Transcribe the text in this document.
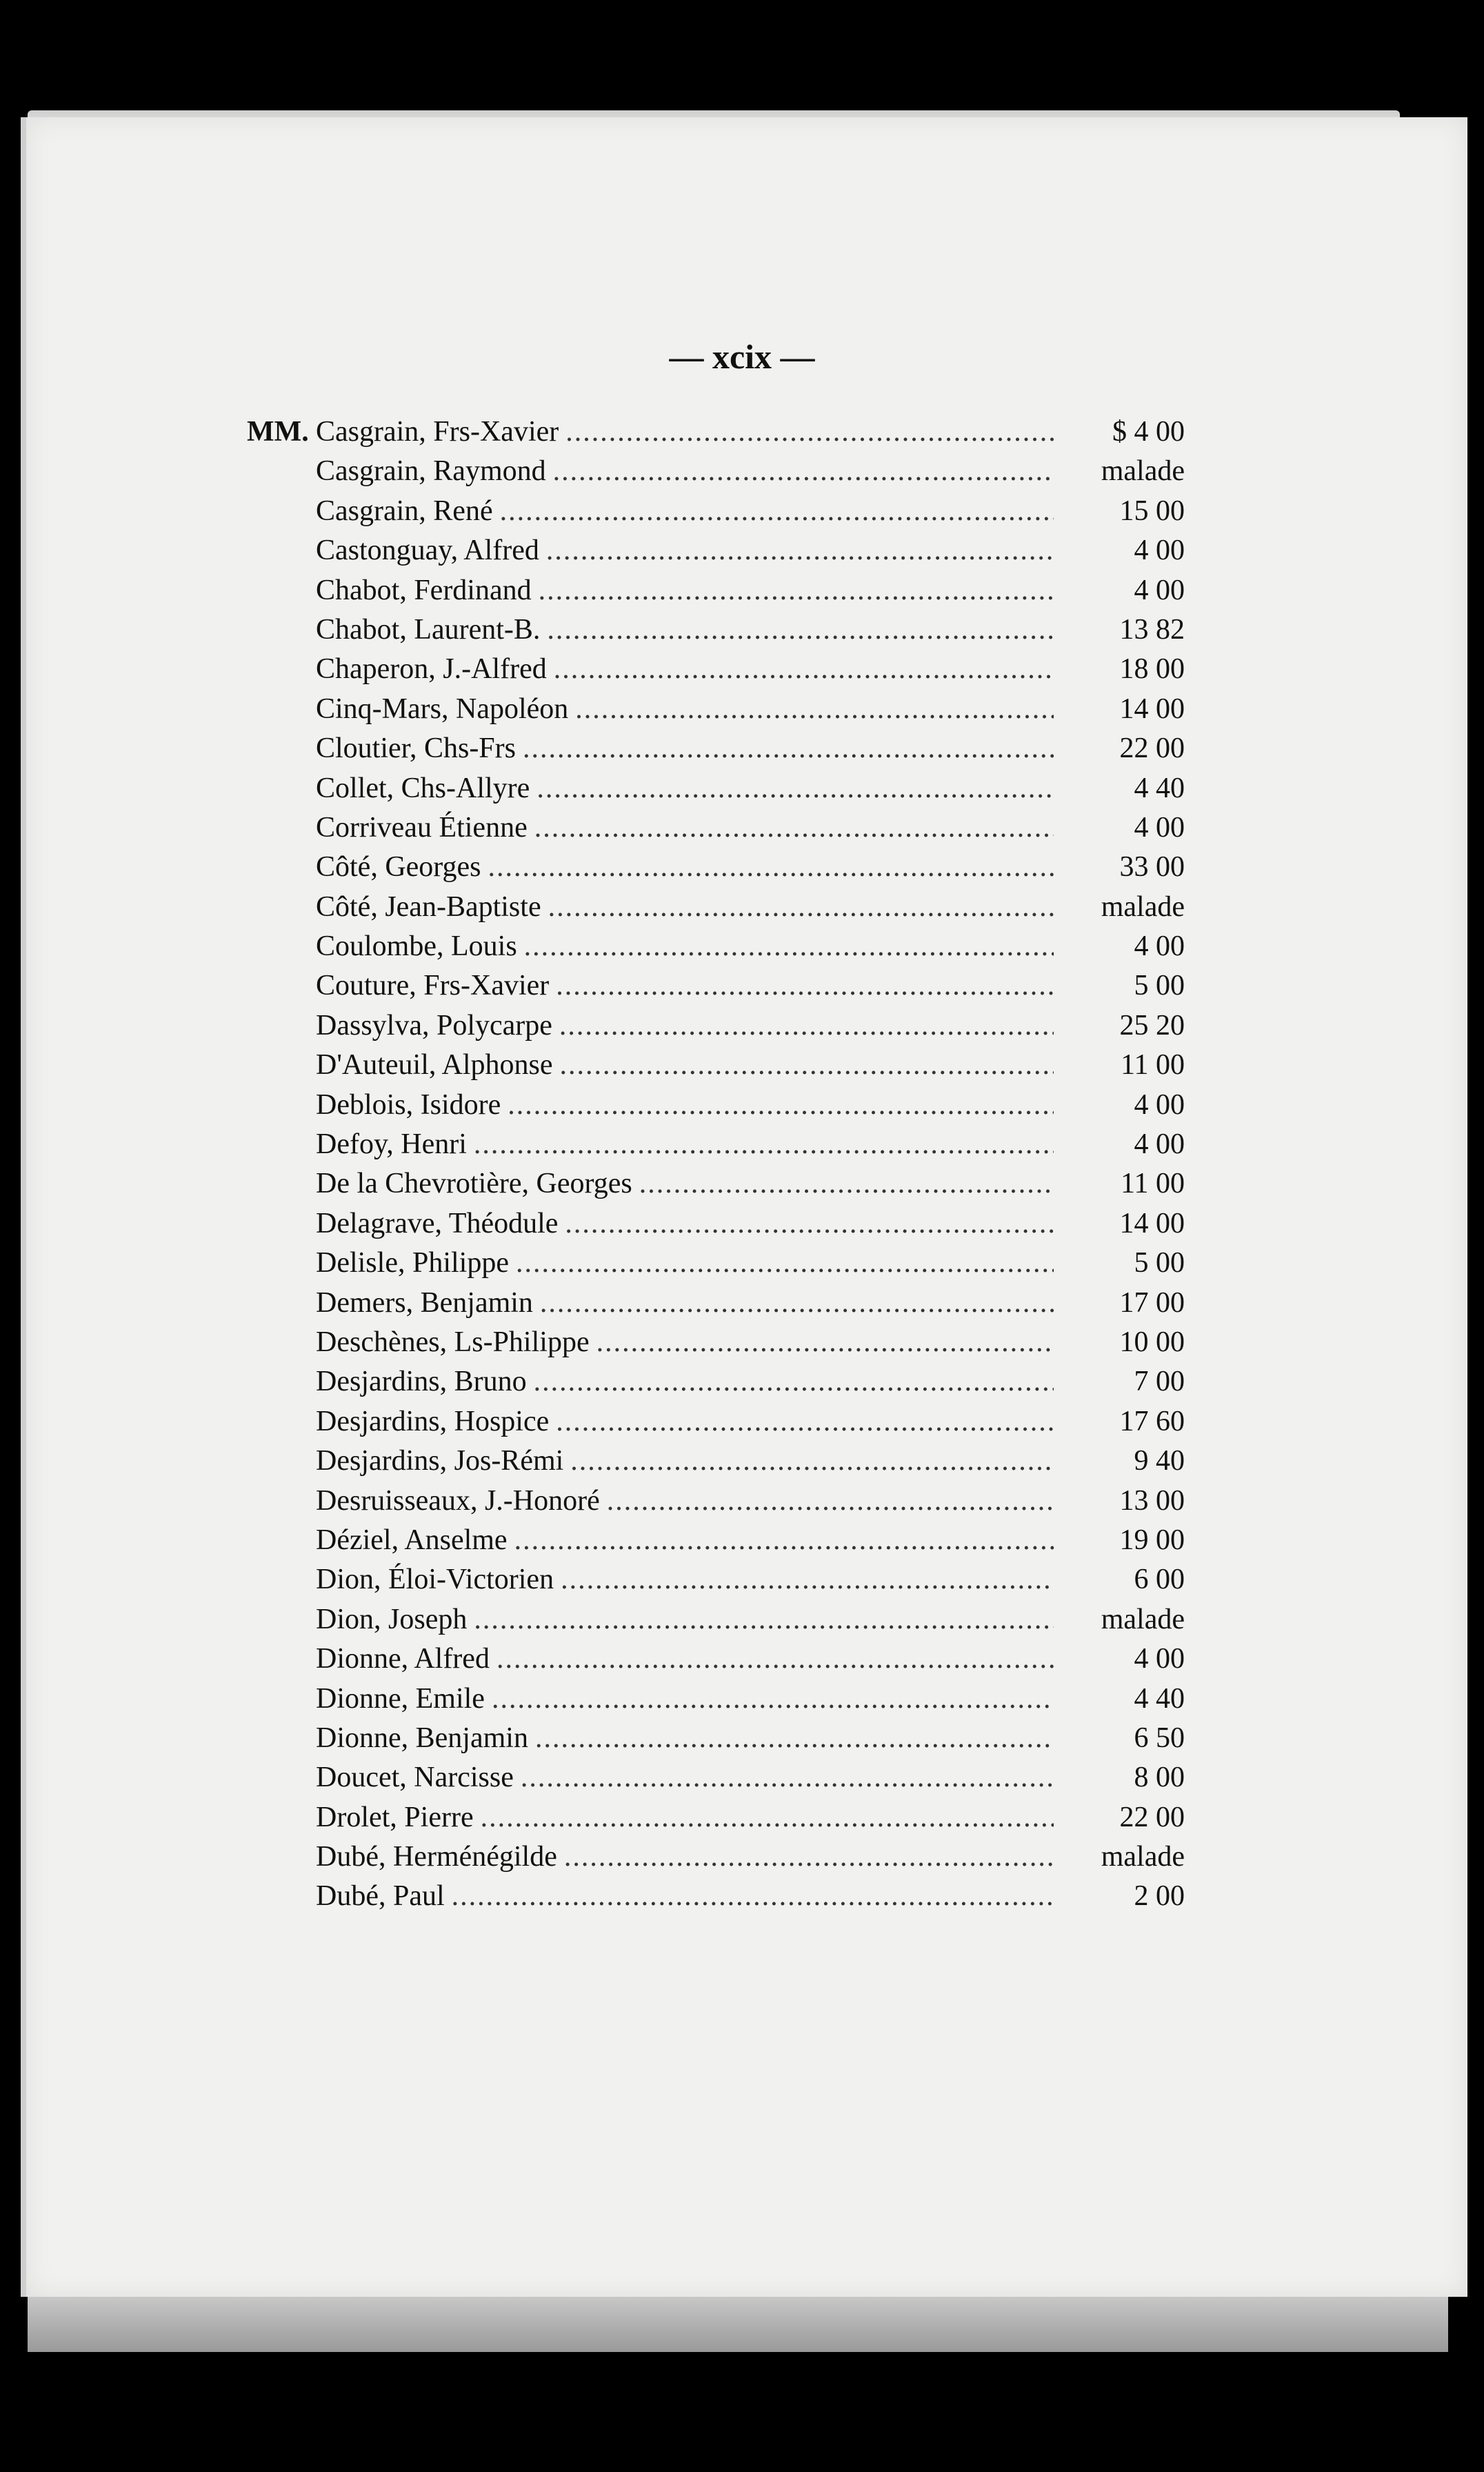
— xcix —
MM. Casgrain, Frs-Xavier .....	$ 4 00
Casgrain, Raymond .....	malade
Casgrain, René .....	15 00
Castonguay, Alfred .....	4 00
Chabot, Ferdinand .....	4 00
Chabot, Laurent-B. .....	13 82
Chaperon, J.-Alfred .....	18 00
Cinq-Mars, Napoléon .....	14 00
Cloutier, Chs-Frs .....	22 00
Collet, Chs-Allyre .....	4 40
Corriveau Étienne .....	4 00
Côté, Georges .....	33 00
Côté, Jean-Baptiste .....	malade
Coulombe, Louis .....	4 00
Couture, Frs-Xavier .....	5 00
Dassylva, Polycarpe .....	25 20
D'Auteuil, Alphonse .....	11 00
Deblois, Isidore .....	4 00
Defoy, Henri .....	4 00
De la Chevrotière, Georges .....	11 00
Delagrave, Théodule .....	14 00
Delisle, Philippe .....	5 00
Demers, Benjamin .....	17 00
Deschènes, Ls-Philippe .....	10 00
Desjardins, Bruno .....	7 00
Desjardins, Hospice .....	17 60
Desjardins, Jos-Rémi .....	9 40
Desruisseaux, J.-Honoré .....	13 00
Déziel, Anselme .....	19 00
Dion, Éloi-Victorien .....	6 00
Dion, Joseph .....	malade
Dionne, Alfred .....	4 00
Dionne, Emile .....	4 40
Dionne, Benjamin .....	6 50
Doucet, Narcisse .....	8 00
Drolet, Pierre .....	22 00
Dubé, Herménégilde .....	malade
Dubé, Paul .....	2 00
